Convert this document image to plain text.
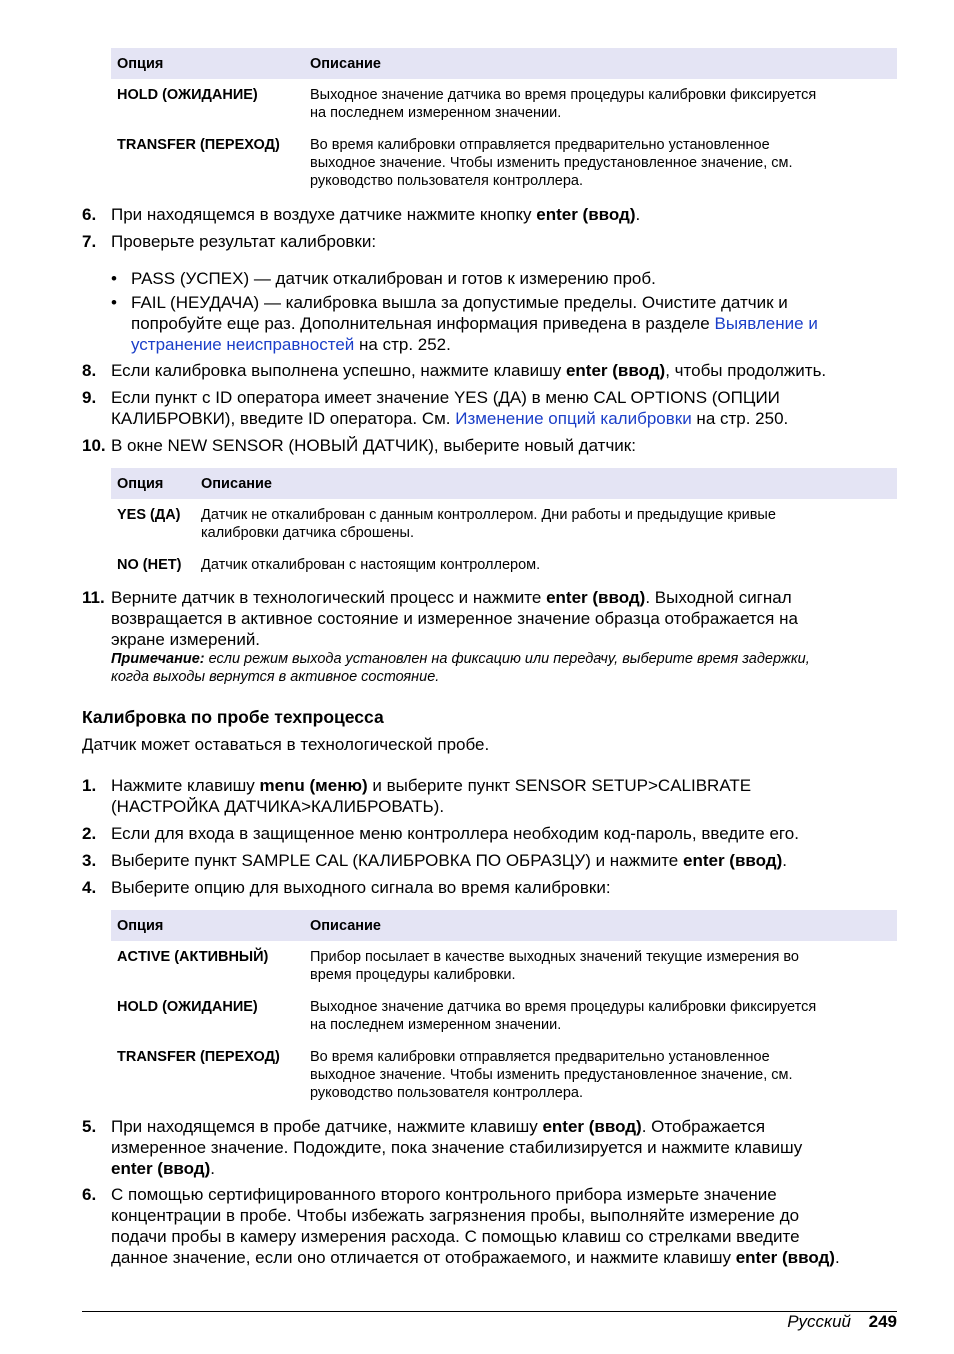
Опция	Описание
HOLD (ОЖИДАНИЕ)	Выходное значение датчика во время процедуры калибровки фиксируется
на последнем измеренном значении.
TRANSFER (ПЕРЕХОД)	Во время калибровки отправляется предварительно установленное
выходное значение. Чтобы изменить предустановленное значение, см.
руководство пользователя контроллера.
6. При находящемся в воздухе датчике нажмите кнопку enter (ввод).
7. Проверьте результат калибровки:
• PASS (УСПЕХ) — датчик откалиброван и готов к измерению проб.
• FAIL (НЕУДАЧА) — калибровка вышла за допустимые пределы. Очистите датчик и
попробуйте еще раз. Дополнительная информация приведена в разделе Выявление и
устранение неисправностей на стр. 252.
8. Если калибровка выполнена успешно, нажмите клавишу enter (ввод), чтобы продолжить.
9. Если пункт с ID оператора имеет значение YES (ДА) в меню CAL OPTIONS (ОПЦИИ
КАЛИБРОВКИ), введите ID оператора. См. Изменение опций калибровки на стр. 250.
10. В окне NEW SENSOR (НОВЫЙ ДАТЧИК), выберите новый датчик:
Опция	Описание
YES (ДА)	Датчик не откалиброван с данным контроллером. Дни работы и предыдущие кривые
калибровки датчика сброшены.
NO (НЕТ)	Датчик откалиброван с настоящим контроллером.
11. Верните датчик в технологический процесс и нажмите enter (ввод). Выходной сигнал
возвращается в активное состояние и измеренное значение образца отображается на
экране измерений.
Примечание: если режим выхода установлен на фиксацию или передачу, выберите время задержки,
когда выходы вернутся в активное состояние.
Калибровка по пробе техпроцесса
Датчик может оставаться в технологической пробе.
1. Нажмите клавишу menu (меню) и выберите пункт SENSOR SETUP>CALIBRATE
(НАСТРОЙКА ДАТЧИКА>КАЛИБРОВАТЬ).
2. Если для входа в защищенное меню контроллера необходим код-пароль, введите его.
3. Выберите пункт SAMPLE CAL (КАЛИБРОВКА ПО ОБРАЗЦУ) и нажмите enter (ввод).
4. Выберите опцию для выходного сигнала во время калибровки:
Опция	Описание
ACTIVE (АКТИВНЫЙ)	Прибор посылает в качестве выходных значений текущие измерения во
время процедуры калибровки.
HOLD (ОЖИДАНИЕ)	Выходное значение датчика во время процедуры калибровки фиксируется
на последнем измеренном значении.
TRANSFER (ПЕРЕХОД)	Во время калибровки отправляется предварительно установленное
выходное значение. Чтобы изменить предустановленное значение, см.
руководство пользователя контроллера.
5. При находящемся в пробе датчике, нажмите клавишу enter (ввод). Отображается
измеренное значение. Подождите, пока значение стабилизируется и нажмите клавишу
enter (ввод).
6. С помощью сертифицированного второго контрольного прибора измерьте значение
концентрации в пробе. Чтобы избежать загрязнения пробы, выполняйте измерение до
подачи пробы в камеру измерения расхода. С помощью клавиш со стрелками введите
данное значение, если оно отличается от отображаемого, и нажмите клавишу enter (ввод).
Русский 249
